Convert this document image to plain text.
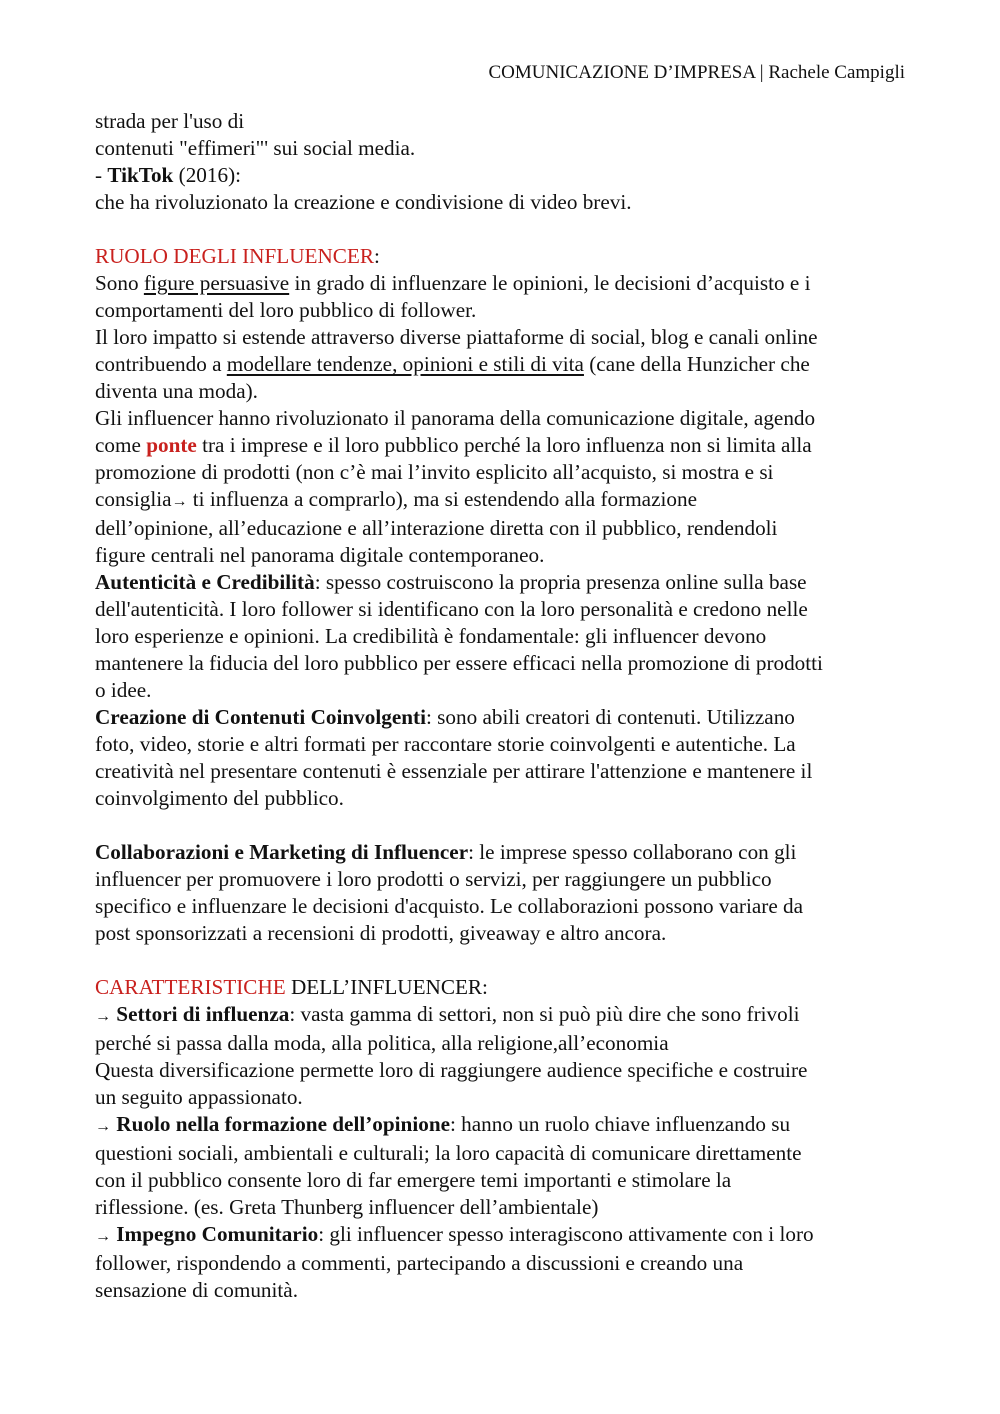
COMUNICAZIONE D’IMPRESA | Rachele Campigli
strada per l'uso di
contenuti "effimeri"' sui social media.
- TikTok (2016):
che ha rivoluzionato la creazione e condivisione di video brevi.
RUOLO DEGLI INFLUENCER:
Sono figure persuasive in grado di influenzare le opinioni, le decisioni d’acquisto e i
comportamenti del loro pubblico di follower.
Il loro impatto si estende attraverso diverse piattaforme di social, blog e canali online
contribuendo a modellare tendenze, opinioni e stili di vita (cane della Hunzicher che
diventa una moda).
Gli influencer hanno rivoluzionato il panorama della comunicazione digitale, agendo
come ponte tra i imprese e il loro pubblico perché la loro influenza non si limita alla
promozione di prodotti (non c’è mai l’invito esplicito all’acquisto, si mostra e si
consiglia→ ti influenza a comprarlo), ma si estendendo alla formazione
dell’opinione, all’educazione e all’interazione diretta con il pubblico, rendendoli
figure centrali nel panorama digitale contemporaneo.
Autenticità e Credibilità: spesso costruiscono la propria presenza online sulla base
dell'autenticità. I loro follower si identificano con la loro personalità e credono nelle
loro esperienze e opinioni. La credibilità è fondamentale: gli influencer devono
mantenere la fiducia del loro pubblico per essere efficaci nella promozione di prodotti
o idee.
Creazione di Contenuti Coinvolgenti: sono abili creatori di contenuti. Utilizzano
foto, video, storie e altri formati per raccontare storie coinvolgenti e autentiche. La
creatività nel presentare contenuti è essenziale per attirare l'attenzione e mantenere il
coinvolgimento del pubblico.
Collaborazioni e Marketing di Influencer: le imprese spesso collaborano con gli
influencer per promuovere i loro prodotti o servizi, per raggiungere un pubblico
specifico e influenzare le decisioni d'acquisto. Le collaborazioni possono variare da
post sponsorizzati a recensioni di prodotti, giveaway e altro ancora.
CARATTERISTICHE DELL’INFLUENCER:
→ Settori di influenza: vasta gamma di settori, non si può più dire che sono frivoli
perché si passa dalla moda, alla politica, alla religione,all’economia
Questa diversificazione permette loro di raggiungere audience specifiche e costruire
un seguito appassionato.
→ Ruolo nella formazione dell’opinione: hanno un ruolo chiave influenzando su
questioni sociali, ambientali e culturali; la loro capacità di comunicare direttamente
con il pubblico consente loro di far emergere temi importanti e stimolare la
riflessione. (es. Greta Thunberg influencer dell’ambientale)
→ Impegno Comunitario: gli influencer spesso interagiscono attivamente con i loro
follower, rispondendo a commenti, partecipando a discussioni e creando una
sensazione di comunità.
